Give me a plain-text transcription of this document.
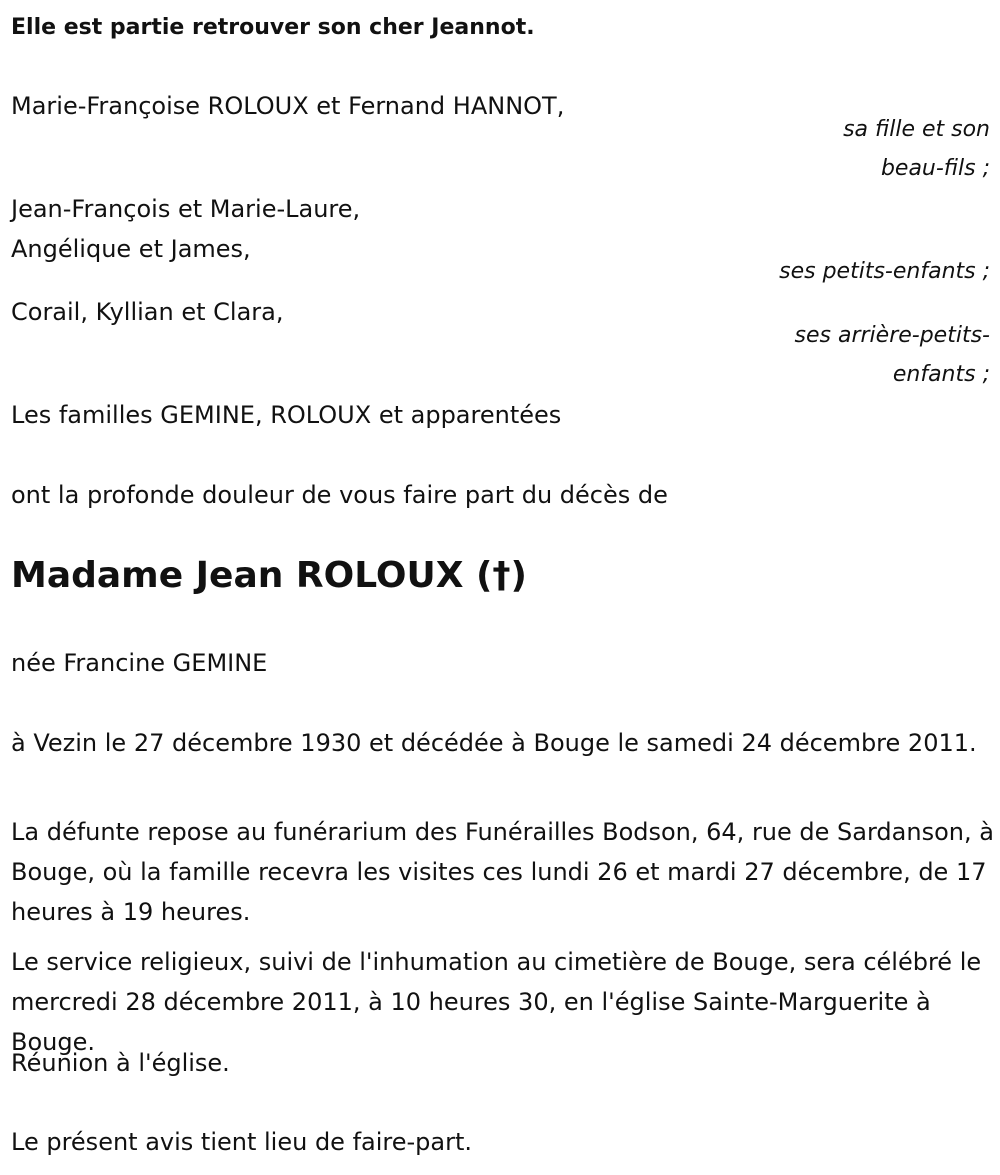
Elle est partie retrouver son cher Jeannot.
Marie-Françoise ROLOUX et Fernand HANNOT,
sa fille et son
beau-fils ;
Jean-François et Marie-Laure,
Angélique et James,
ses petits-enfants ;
Corail, Kyllian et Clara,
ses arrière-petits-
enfants ;
Les familles GEMINE, ROLOUX et apparentées
ont la profonde douleur de vous faire part du décès de
Madame Jean ROLOUX (†)
née Francine GEMINE
à Vezin le 27 décembre 1930 et décédée à Bouge le samedi 24 décembre 2011.
La défunte repose au funérarium des Funérailles Bodson, 64, rue de Sardanson, à Bouge, où la famille recevra les visites ces lundi 26 et mardi 27 décembre, de 17 heures à 19 heures.
Le service religieux, suivi de l'inhumation au cimetière de Bouge, sera célébré le mercredi 28 décembre 2011, à 10 heures 30, en l'église Sainte-Marguerite à Bouge.
Réunion à l'église.
Le présent avis tient lieu de faire-part.
